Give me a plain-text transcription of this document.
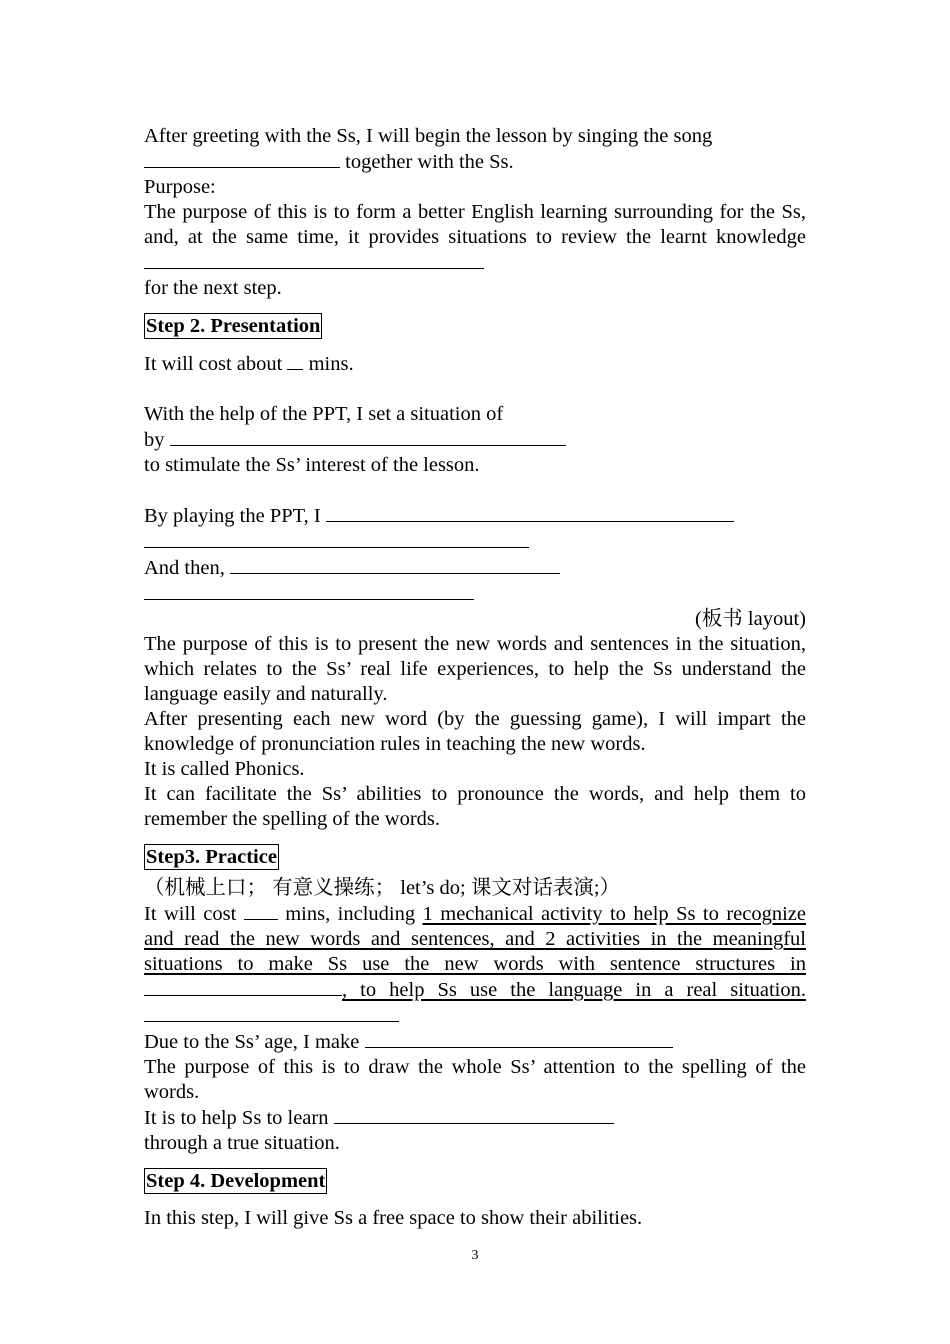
After greeting with the Ss, I will begin the lesson by singing the song
together with the Ss.
Purpose:
The purpose of this is to form a better English learning surrounding for the Ss, and, at the same time, it provides situations to review the learnt knowledge
for the next step.
Step 2. Presentation
It will cost about  mins.
With the help of the PPT, I set a situation of
by
to stimulate the Ss’ interest of the lesson.
By playing the PPT, I
And then,
(板书 layout)
The purpose of this is to present the new words and sentences in the situation, which relates to the Ss’ real life experiences, to help the Ss understand the language easily and naturally.
After presenting each new word (by the guessing game), I will impart the knowledge of pronunciation rules in teaching the new words.
It is called Phonics.
It can facilitate the Ss’ abilities to pronounce the words, and help them to remember the spelling of the words.
Step3. Practice
（机械上口； 有意义操练； let’s do; 课文对话表演;）
It will cost  mins, including 1 mechanical activity to help Ss to recognize and read the new words and sentences, and 2 activities in the meaningful situations to make Ss use the new words with sentence structures in, to help Ss use the language in a real situation.
Due to the Ss’ age, I make
The purpose of this is to draw the whole Ss’ attention to the spelling of the words.
It is to help Ss to learn
through a true situation.
Step 4. Development
In this step, I will give Ss a free space to show their abilities.
3
